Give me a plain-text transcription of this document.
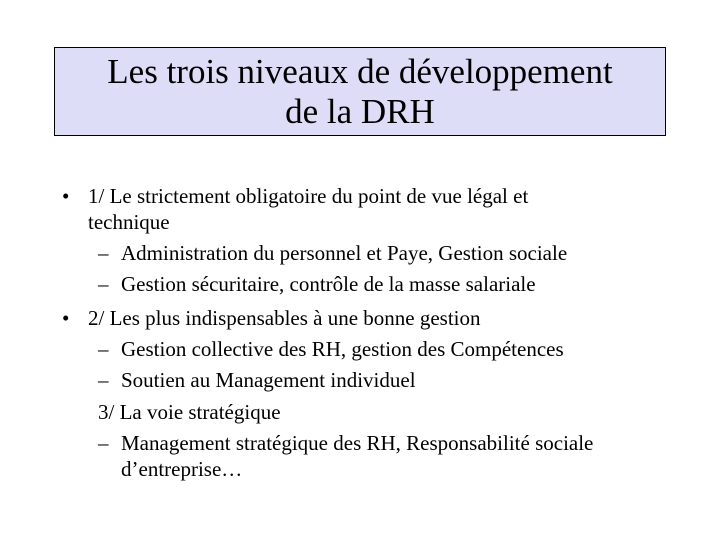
Les trois niveaux de développement
de la DRH
• 1/ Le strictement obligatoire du point de vue légal et
technique
– Administration du personnel et Paye, Gestion sociale
– Gestion sécuritaire, contrôle de la masse salariale
• 2/ Les plus indispensables à une bonne gestion
– Gestion collective des RH, gestion des Compétences
– Soutien au Management individuel
3/ La voie stratégique
– Management stratégique des RH, Responsabilité sociale
d’entreprise…
